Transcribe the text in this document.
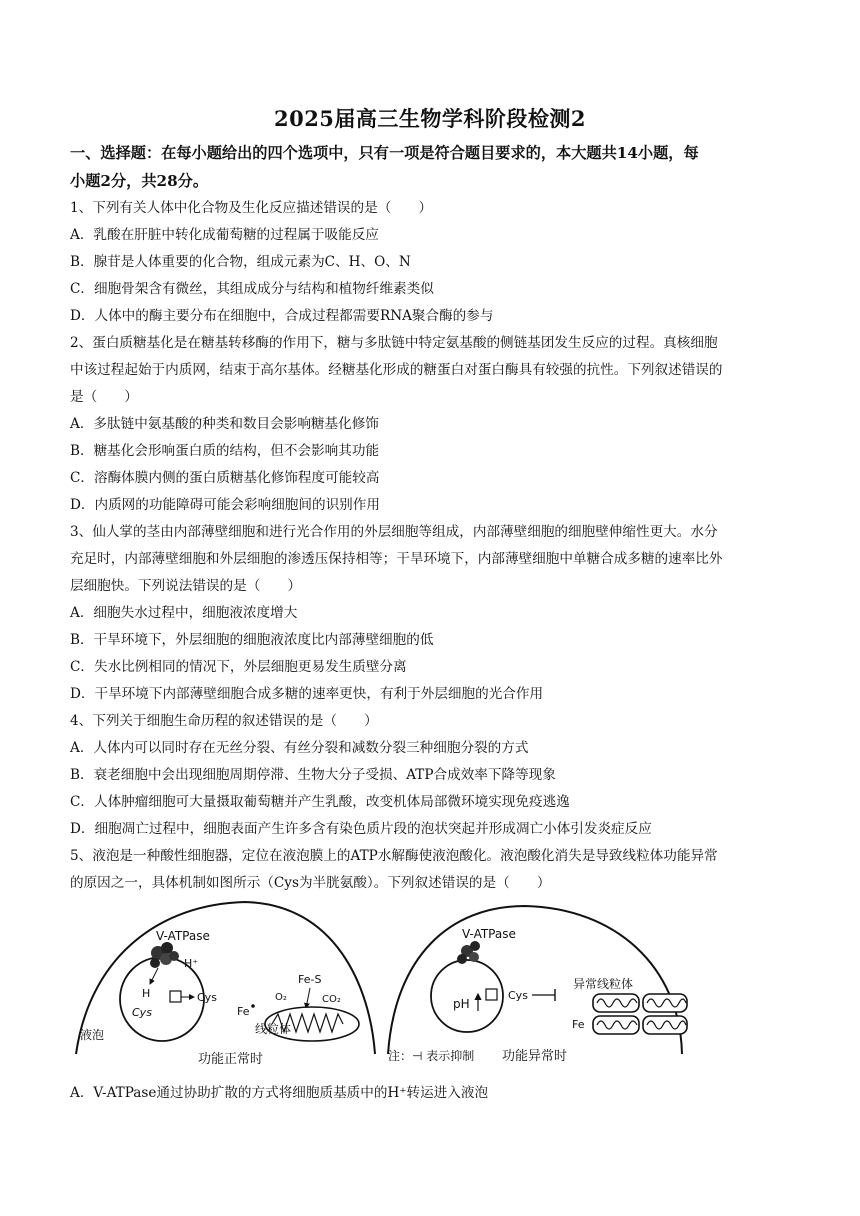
2025届高三生物学科阶段检测2
一、选择题：在每小题给出的四个选项中，只有一项是符合题目要求的，本大题共14小题，每
小题2分，共28分。
1、下列有关人体中化合物及生化反应描述错误的是（　　）
A．乳酸在肝脏中转化成葡萄糖的过程属于吸能反应
B．腺苷是人体重要的化合物，组成元素为C、H、O、N
C．细胞骨架含有微丝，其组成成分与结构和植物纤维素类似
D．人体中的酶主要分布在细胞中，合成过程都需要RNA聚合酶的参与
2、蛋白质糖基化是在糖基转移酶的作用下，糖与多肽链中特定氨基酸的侧链基团发生反应的过程。真核细胞
中该过程起始于内质网，结束于高尔基体。经糖基化形成的糖蛋白对蛋白酶具有较强的抗性。下列叙述错误的
是（　　）
A．多肽链中氨基酸的种类和数目会影响糖基化修饰
B．糖基化会形响蛋白质的结构，但不会影响其功能
C．溶酶体膜内侧的蛋白质糖基化修饰程度可能较高
D．内质网的功能障碍可能会彩响细胞间的识别作用
3、仙人掌的茎由内部薄壁细胞和进行光合作用的外层细胞等组成，内部薄壁细胞的细胞壁伸缩性更大。水分
充足时，内部薄壁细胞和外层细胞的渗透压保持相等；干旱环境下，内部薄壁细胞中单糖合成多糖的速率比外
层细胞快。下列说法错误的是（　　）
A．细胞失水过程中，细胞液浓度增大
B．干旱环境下，外层细胞的细胞液浓度比内部薄壁细胞的低
C．失水比例相同的情况下，外层细胞更易发生质壁分离
D．干旱环境下内部薄壁细胞合成多糖的速率更快，有利于外层细胞的光合作用
4、下列关于细胞生命历程的叙述错误的是（　　）
A．人体内可以同时存在无丝分裂、有丝分裂和减数分裂三种细胞分裂的方式
B．衰老细胞中会出现细胞周期停滞、生物大分子受损、ATP合成效率下降等现象
C．人体肿瘤细胞可大量摄取葡萄糖并产生乳酸，改变机体局部微环境实现免疫逃逸
D．细胞凋亡过程中，细胞表面产生许多含有染色质片段的泡状突起并形成凋亡小体引发炎症反应
5、液泡是一种酸性细胞器，定位在液泡膜上的ATP水解酶使液泡酸化。液泡酸化消失是导致线粒体功能异常
的原因之一，具体机制如图所示（Cys为半胱氨酸）。下列叙述错误的是（　　）
V-ATPase
H⁺
H
Cys
Cys
Fe-S
Fe
O₂	CO₂
线粒体
液泡
功能正常时
V-ATPase
pH
Cys
异常线粒体
Fe
注：⊣ 表示抑制 功能异常时
A．V-ATPase通过协助扩散的方式将细胞质基质中的H⁺转运进入液泡
